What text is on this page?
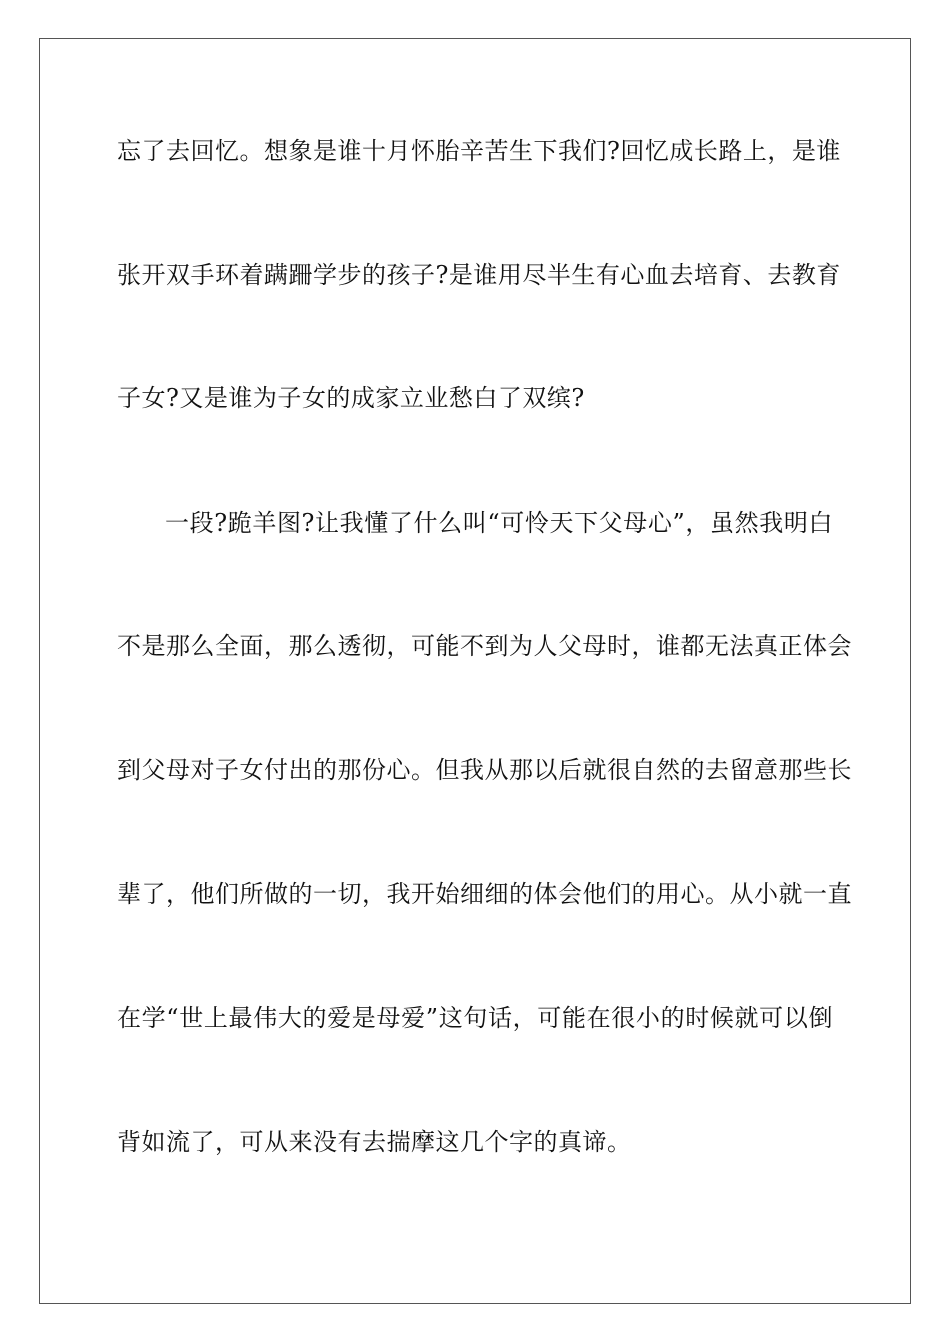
忘了去回忆。想象是谁十月怀胎辛苦生下我们?回忆成长路上，是谁
张开双手环着蹒跚学步的孩子?是谁用尽半生有心血去培育、去教育
子女?又是谁为子女的成家立业愁白了双缤?
一段?跪羊图?让我懂了什么叫“可怜天下父母心”，虽然我明白
不是那么全面，那么透彻，可能不到为人父母时，谁都无法真正体会
到父母对子女付出的那份心。但我从那以后就很自然的去留意那些长
辈了，他们所做的一切，我开始细细的体会他们的用心。从小就一直
在学“世上最伟大的爱是母爱”这句话，可能在很小的时候就可以倒
背如流了，可从来没有去揣摩这几个字的真谛。
